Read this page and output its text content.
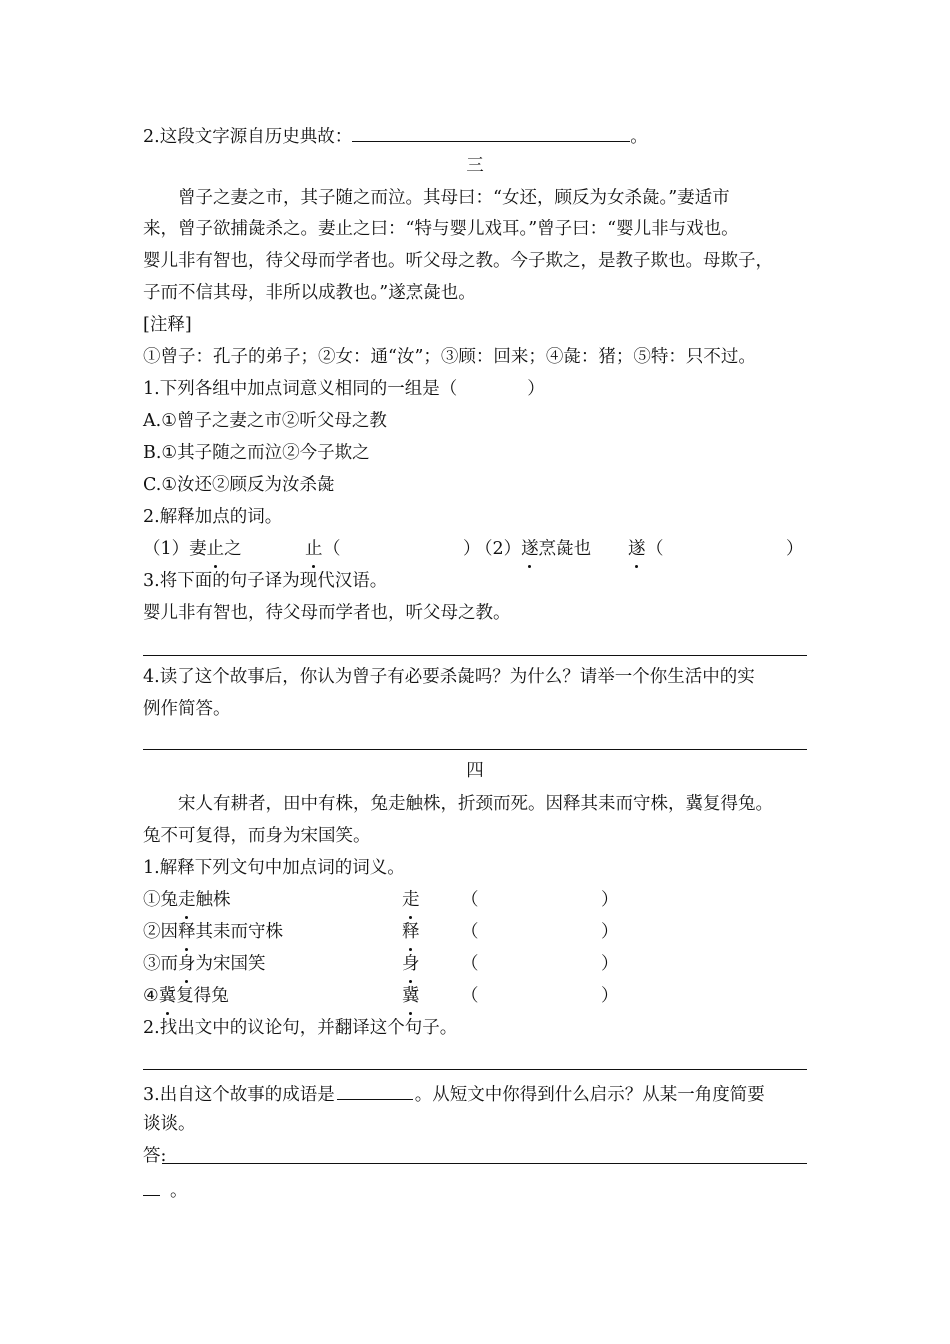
2.这段文字源自历史典故：	。
三
曾子之妻之市，其子随之而泣。其母曰：“女还，顾反为女杀彘。”妻适市
来，曾子欲捕彘杀之。妻止之曰：“特与婴儿戏耳。”曾子曰：“婴儿非与戏也。
婴儿非有智也，待父母而学者也。听父母之教。今子欺之，是教子欺也。母欺子，
子而不信其母，非所以成教也。”遂烹彘也。
[注释]
①曾子：孔子的弟子；②女：通“汝”；③顾：回来；④彘：猪；⑤特：只不过。
1.下列各组中加点词意义相同的一组是（　　　　）
A.①曾子之妻之市②听父母之教
B.①其子随之而泣②今子欺之
C.①汝还②顾反为汝杀彘
2.解释加点的词。
（1）妻止之	止 （　　　　　　　）
（2）遂烹彘也 遂 （　　　　　　　）
3.将下面的句子译为现代汉语。
婴儿非有智也，待父母而学者也，听父母之教。
4.读了这个故事后，你认为曾子有必要杀彘吗？为什么？请举一个你生活中的实
例作简答。
四
宋人有耕者，田中有株，兔走触株，折颈而死。因释其耒而守株，冀复得兔。
兔不可复得，而身为宋国笑。
1.解释下列文句中加点词的词义。
①兔走触株	走 （	）
②因释其耒而守株	释 （	）
③而身为宋国笑	身 （	）
④冀复得兔	冀 （	）
2.找出文中的议论句，并翻译这个句子。
3.出自这个故事的成语是	。从短文中你得到什么启示？从某一角度简要
谈谈。
答:
。
